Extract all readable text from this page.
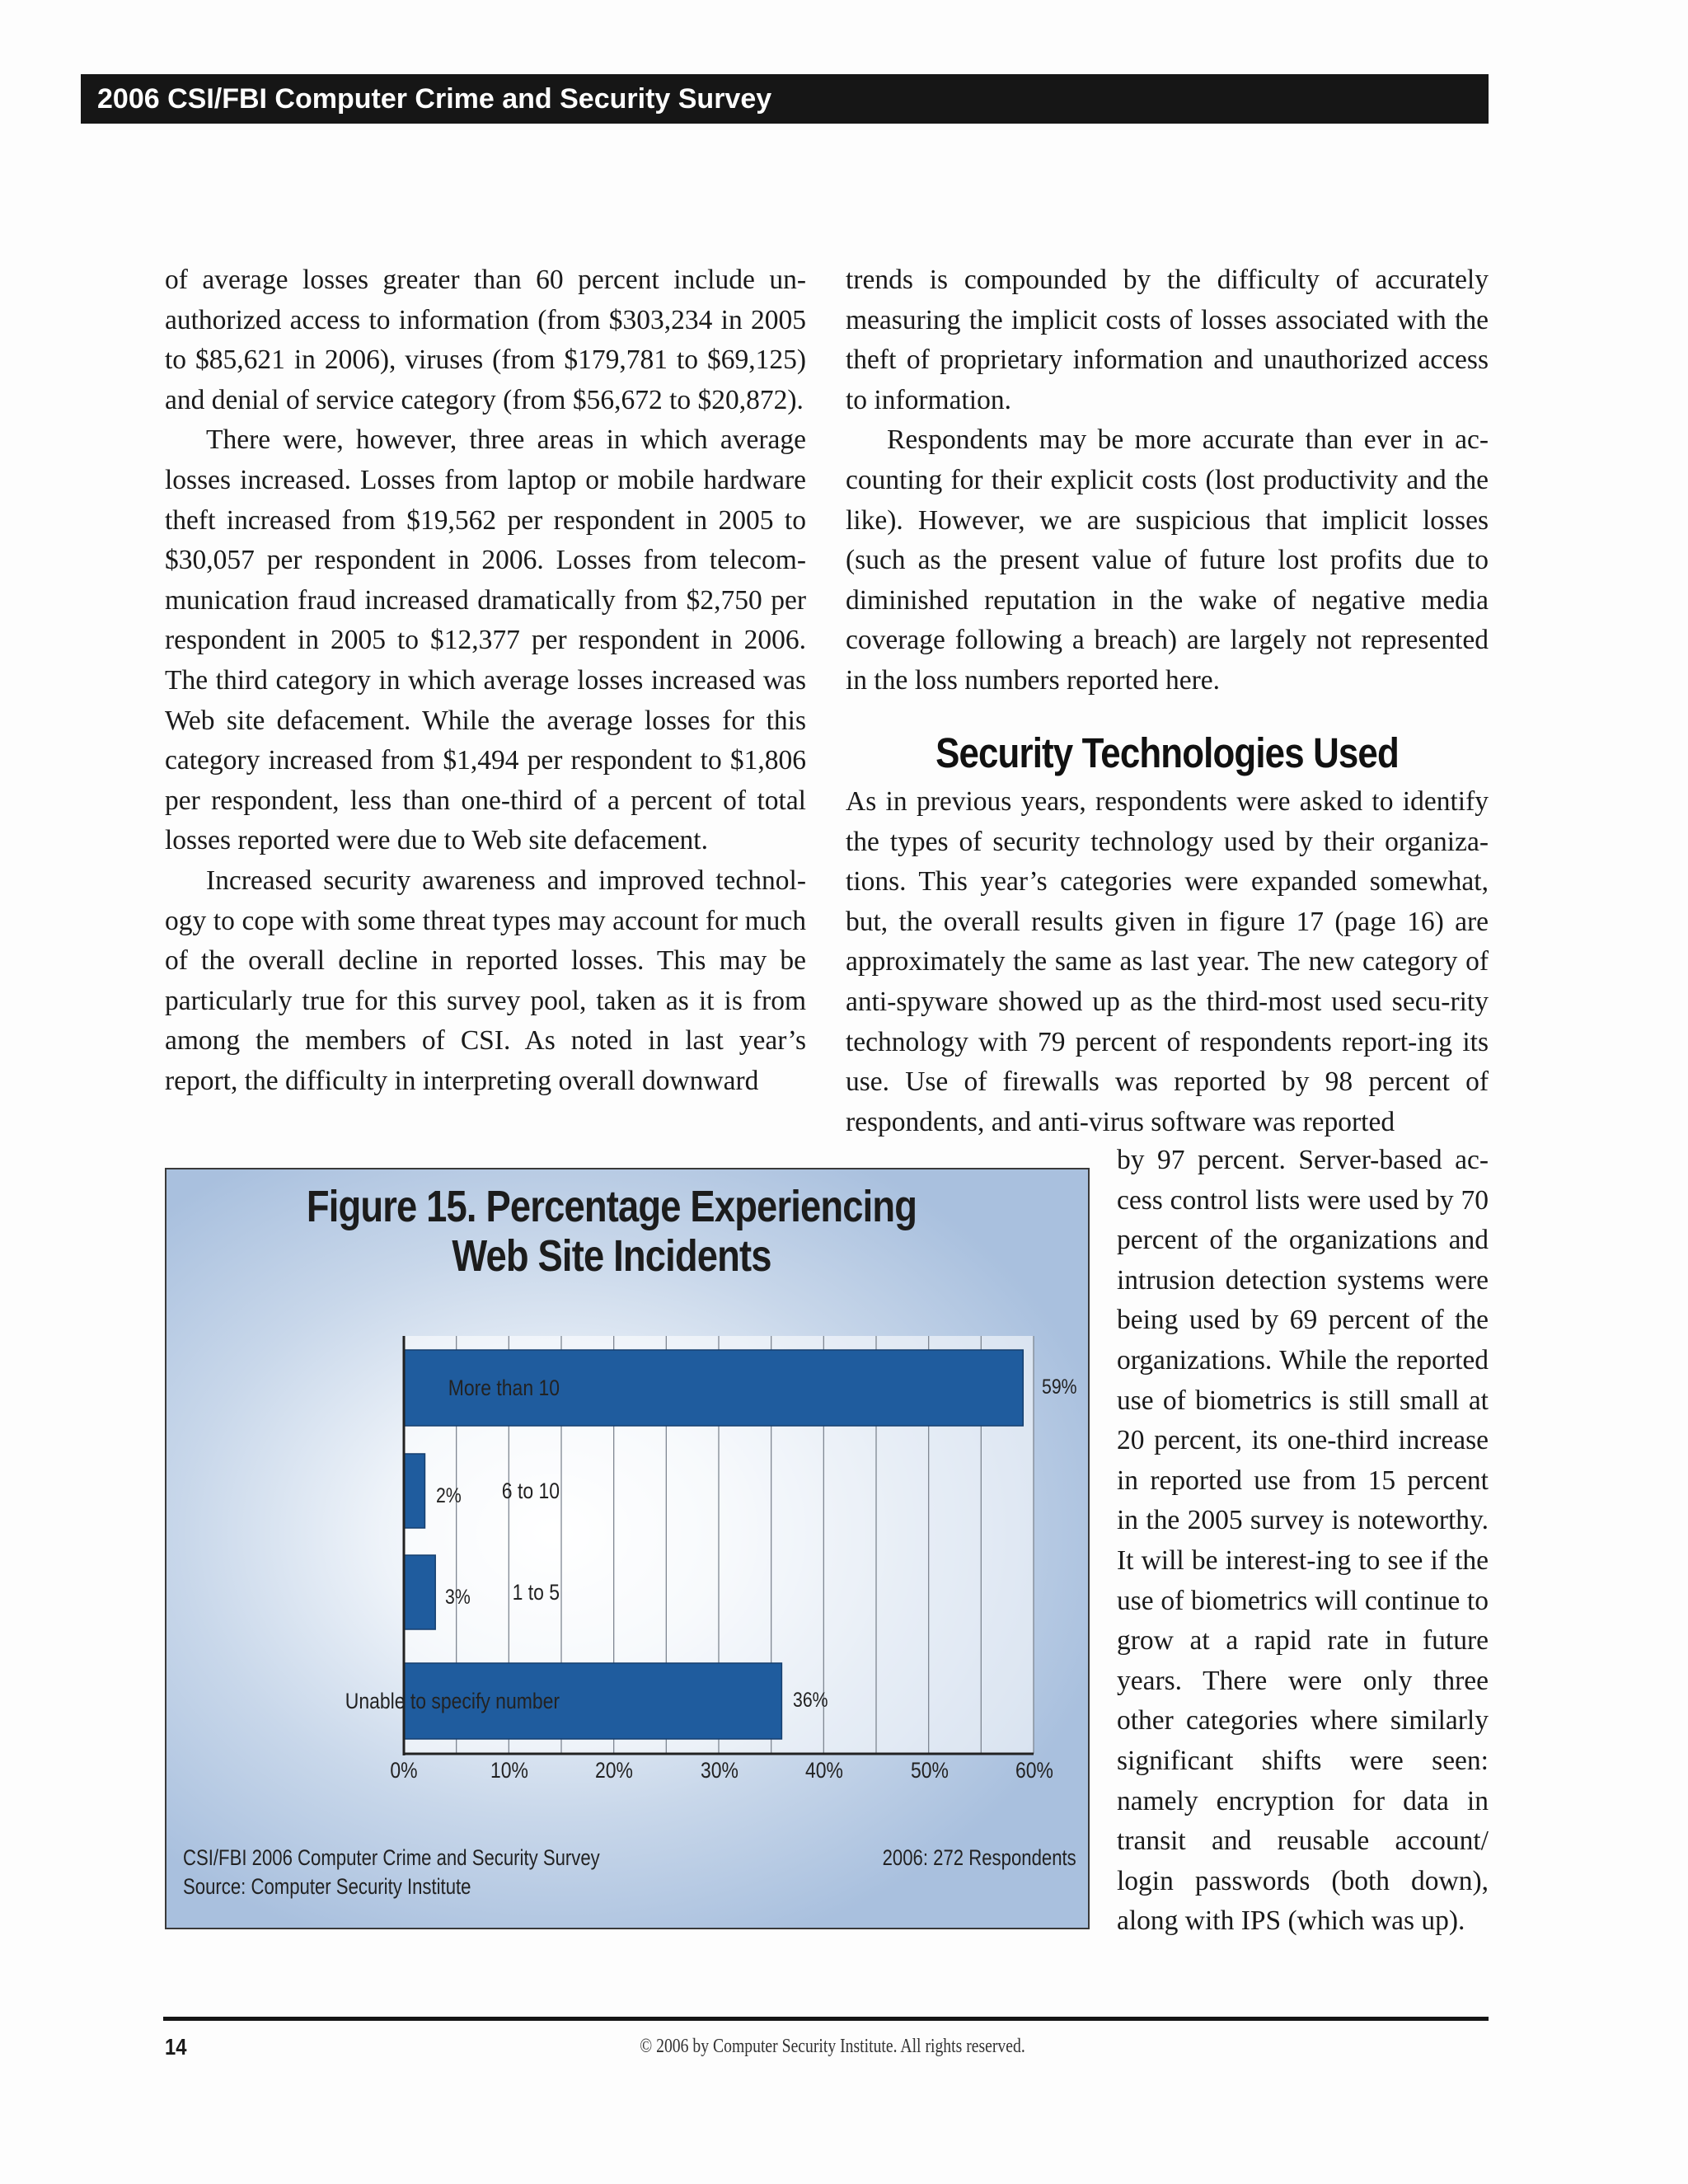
2006 CSI/FBI Computer Crime and Security Survey

of average losses greater than 60 percent include un-authorized access to information (from $303,234 in 2005 to $85,621 in 2006), viruses (from $179,781 to $69,125) and denial of service category (from $56,672 to $20,872).

There were, however, three areas in which average losses increased. Losses from laptop or mobile hardware theft increased from $19,562 per respondent in 2005 to $30,057 per respondent in 2006. Losses from telecom-munication fraud increased dramatically from $2,750 per respondent in 2005 to $12,377 per respondent in 2006. The third category in which average losses increased was Web site defacement. While the average losses for this category increased from $1,494 per respondent to $1,806 per respondent, less than one-third of a percent of total losses reported were due to Web site defacement.

Increased security awareness and improved technol-ogy to cope with some threat types may account for much of the overall decline in reported losses. This may be particularly true for this survey pool, taken as it is from among the members of CSI. As noted in last year’s report, the difficulty in interpreting overall downward

trends is compounded by the difficulty of accurately measuring the implicit costs of losses associated with the theft of proprietary information and unauthorized access to information.

Respondents may be more accurate than ever in ac-counting for their explicit costs (lost productivity and the like). However, we are suspicious that implicit losses (such as the present value of future lost profits due to diminished reputation in the wake of negative media coverage following a breach) are largely not represented in the loss numbers reported here.

Security Technologies Used

As in previous years, respondents were asked to identify the types of security technology used by their organiza-tions. This year’s categories were expanded somewhat, but, the overall results given in figure 17 (page 16) are approximately the same as last year. The new category of anti-spyware showed up as the third-most used secu-rity technology with 79 percent of respondents report-ing its use. Use of firewalls was reported by 98 percent of respondents, and anti-virus software was reported

by 97 percent. Server-based ac-cess control lists were used by 70 percent of the organizations and intrusion detection systems were being used by 69 percent of the organizations. While the reported use of biometrics is still small at 20 percent, its one-third increase in reported use from 15 percent in the 2005 survey is noteworthy. It will be interest-ing to see if the use of biometrics will continue to grow at a rapid rate in future years. There were only three other categories where similarly significant shifts were seen: namely encryption for data in transit and reusable account/ login passwords (both down), along with IPS (which was up).

Figure 15. Percentage Experiencing
Web Site Incidents
More than 10
6 to 10
1 to 5
Unable to specify number
59%
2%
3%
36%
0%	10%	20%	30%	40%	50%	60%
CSI/FBI 2006 Computer Crime and Security Survey
Source: Computer Security Institute
2006: 272 Respondents
14	© 2006 by Computer Security Institute. All rights reserved.
